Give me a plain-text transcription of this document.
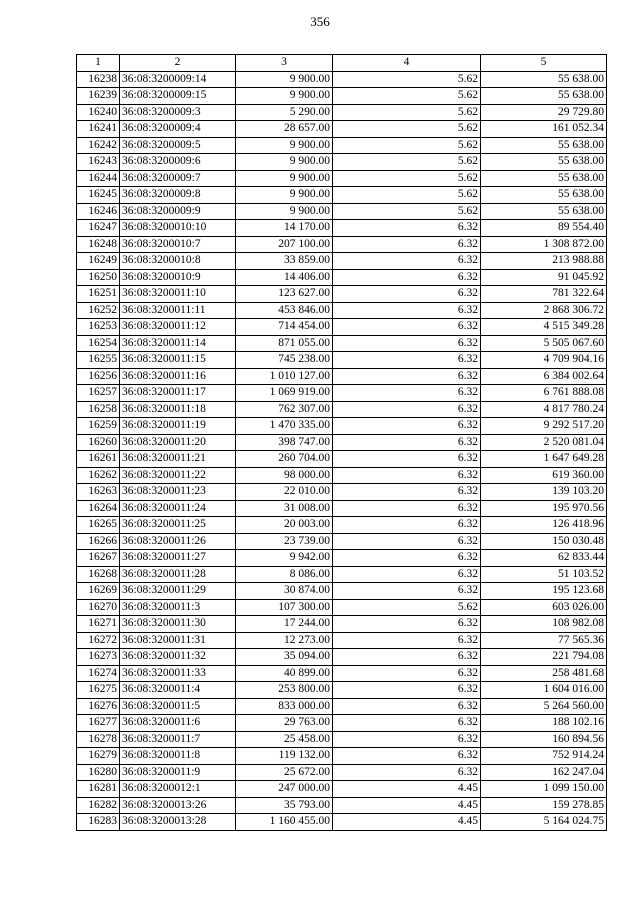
356
1	2	3	4	5
16238	36:08:3200009:14	9 900.00	5.62	55 638.00
16239	36:08:3200009:15	9 900.00	5.62	55 638.00
16240	36:08:3200009:3	5 290.00	5.62	29 729.80
16241	36:08:3200009:4	28 657.00	5.62	161 052.34
16242	36:08:3200009:5	9 900.00	5.62	55 638.00
16243	36:08:3200009:6	9 900.00	5.62	55 638.00
16244	36:08:3200009:7	9 900.00	5.62	55 638.00
16245	36:08:3200009:8	9 900.00	5.62	55 638.00
16246	36:08:3200009:9	9 900.00	5.62	55 638.00
16247	36:08:3200010:10	14 170.00	6.32	89 554.40
16248	36:08:3200010:7	207 100.00	6.32	1 308 872.00
16249	36:08:3200010:8	33 859.00	6.32	213 988.88
16250	36:08:3200010:9	14 406.00	6.32	91 045.92
16251	36:08:3200011:10	123 627.00	6.32	781 322.64
16252	36:08:3200011:11	453 846.00	6.32	2 868 306.72
16253	36:08:3200011:12	714 454.00	6.32	4 515 349.28
16254	36:08:3200011:14	871 055.00	6.32	5 505 067.60
16255	36:08:3200011:15	745 238.00	6.32	4 709 904.16
16256	36:08:3200011:16	1 010 127.00	6.32	6 384 002.64
16257	36:08:3200011:17	1 069 919.00	6.32	6 761 888.08
16258	36:08:3200011:18	762 307.00	6.32	4 817 780.24
16259	36:08:3200011:19	1 470 335.00	6.32	9 292 517.20
16260	36:08:3200011:20	398 747.00	6.32	2 520 081.04
16261	36:08:3200011:21	260 704.00	6.32	1 647 649.28
16262	36:08:3200011:22	98 000.00	6.32	619 360.00
16263	36:08:3200011:23	22 010.00	6.32	139 103.20
16264	36:08:3200011:24	31 008.00	6.32	195 970.56
16265	36:08:3200011:25	20 003.00	6.32	126 418.96
16266	36:08:3200011:26	23 739.00	6.32	150 030.48
16267	36:08:3200011:27	9 942.00	6.32	62 833.44
16268	36:08:3200011:28	8 086.00	6.32	51 103.52
16269	36:08:3200011:29	30 874.00	6.32	195 123.68
16270	36:08:3200011:3	107 300.00	5.62	603 026.00
16271	36:08:3200011:30	17 244.00	6.32	108 982.08
16272	36:08:3200011:31	12 273.00	6.32	77 565.36
16273	36:08:3200011:32	35 094.00	6.32	221 794.08
16274	36:08:3200011:33	40 899.00	6.32	258 481.68
16275	36:08:3200011:4	253 800.00	6.32	1 604 016.00
16276	36:08:3200011:5	833 000.00	6.32	5 264 560.00
16277	36:08:3200011:6	29 763.00	6.32	188 102.16
16278	36:08:3200011:7	25 458.00	6.32	160 894.56
16279	36:08:3200011:8	119 132.00	6.32	752 914.24
16280	36:08:3200011:9	25 672.00	6.32	162 247.04
16281	36:08:3200012:1	247 000.00	4.45	1 099 150.00
16282	36:08:3200013:26	35 793.00	4.45	159 278.85
16283	36:08:3200013:28	1 160 455.00	4.45	5 164 024.75
